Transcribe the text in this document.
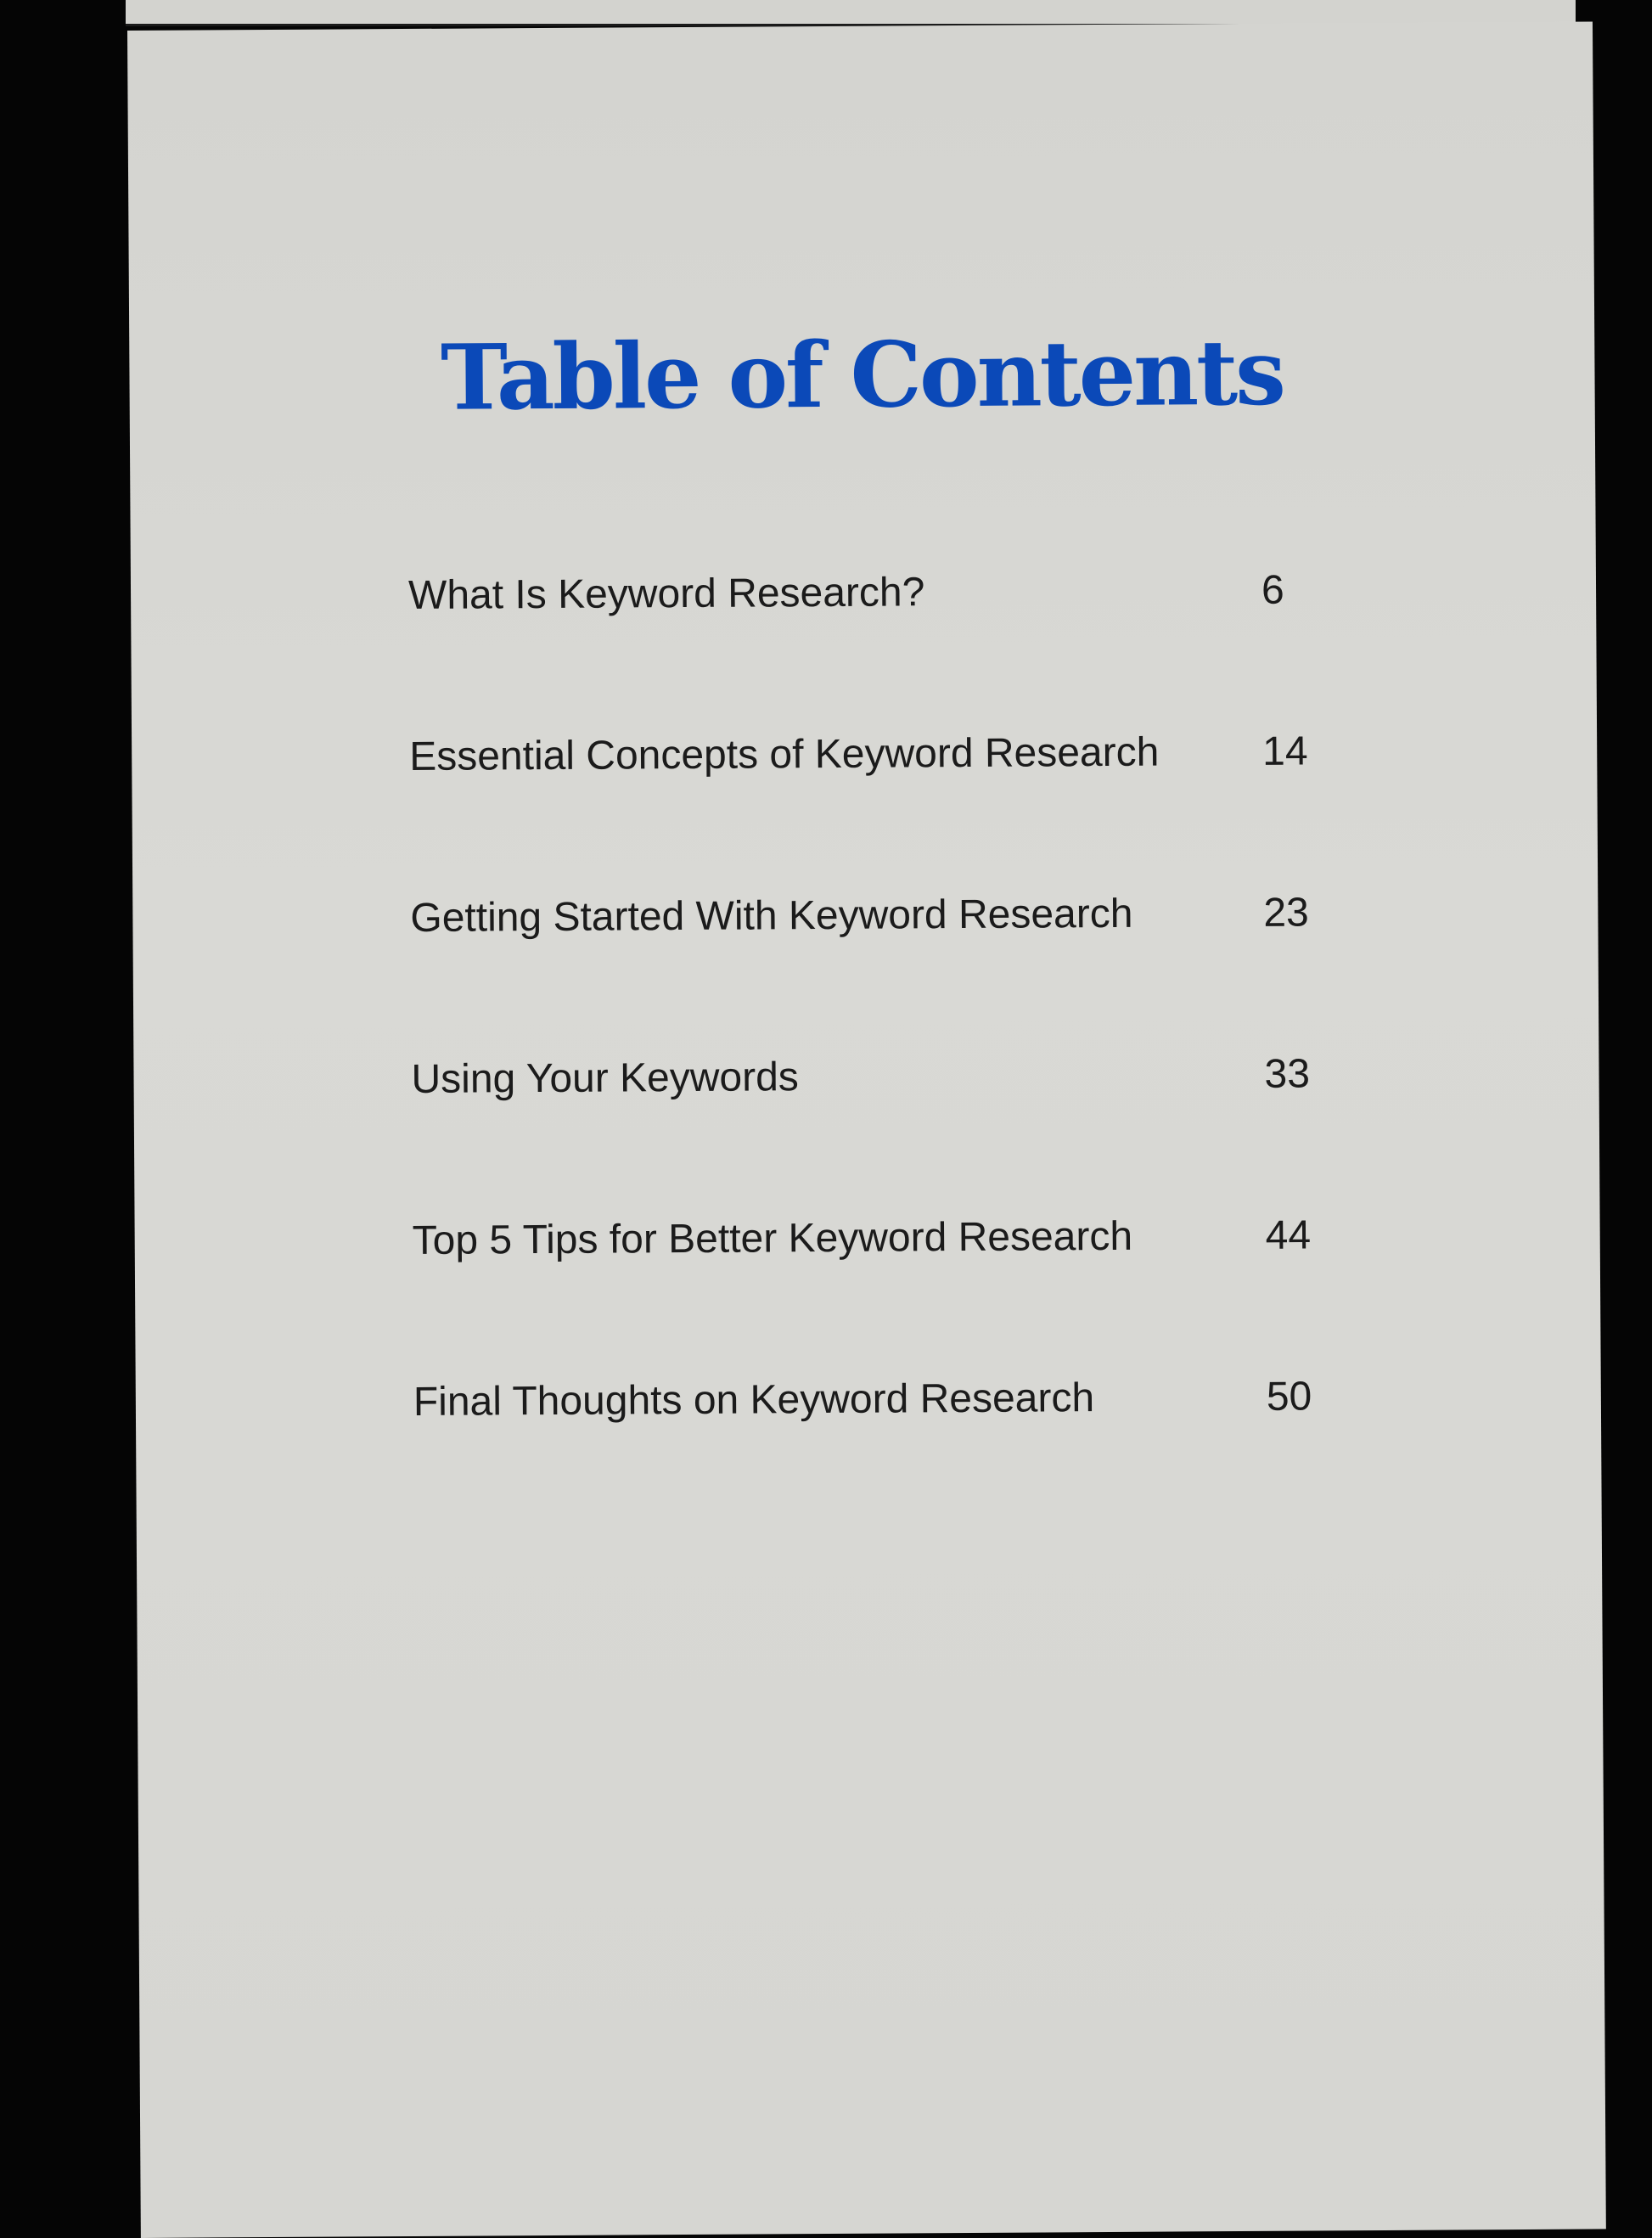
Table of Contents
What Is Keyword Research?	6
Essential Concepts of Keyword Research	14
Getting Started With Keyword Research	23
Using Your Keywords	33
Top 5 Tips for Better Keyword Research	44
Final Thoughts on Keyword Research	50
